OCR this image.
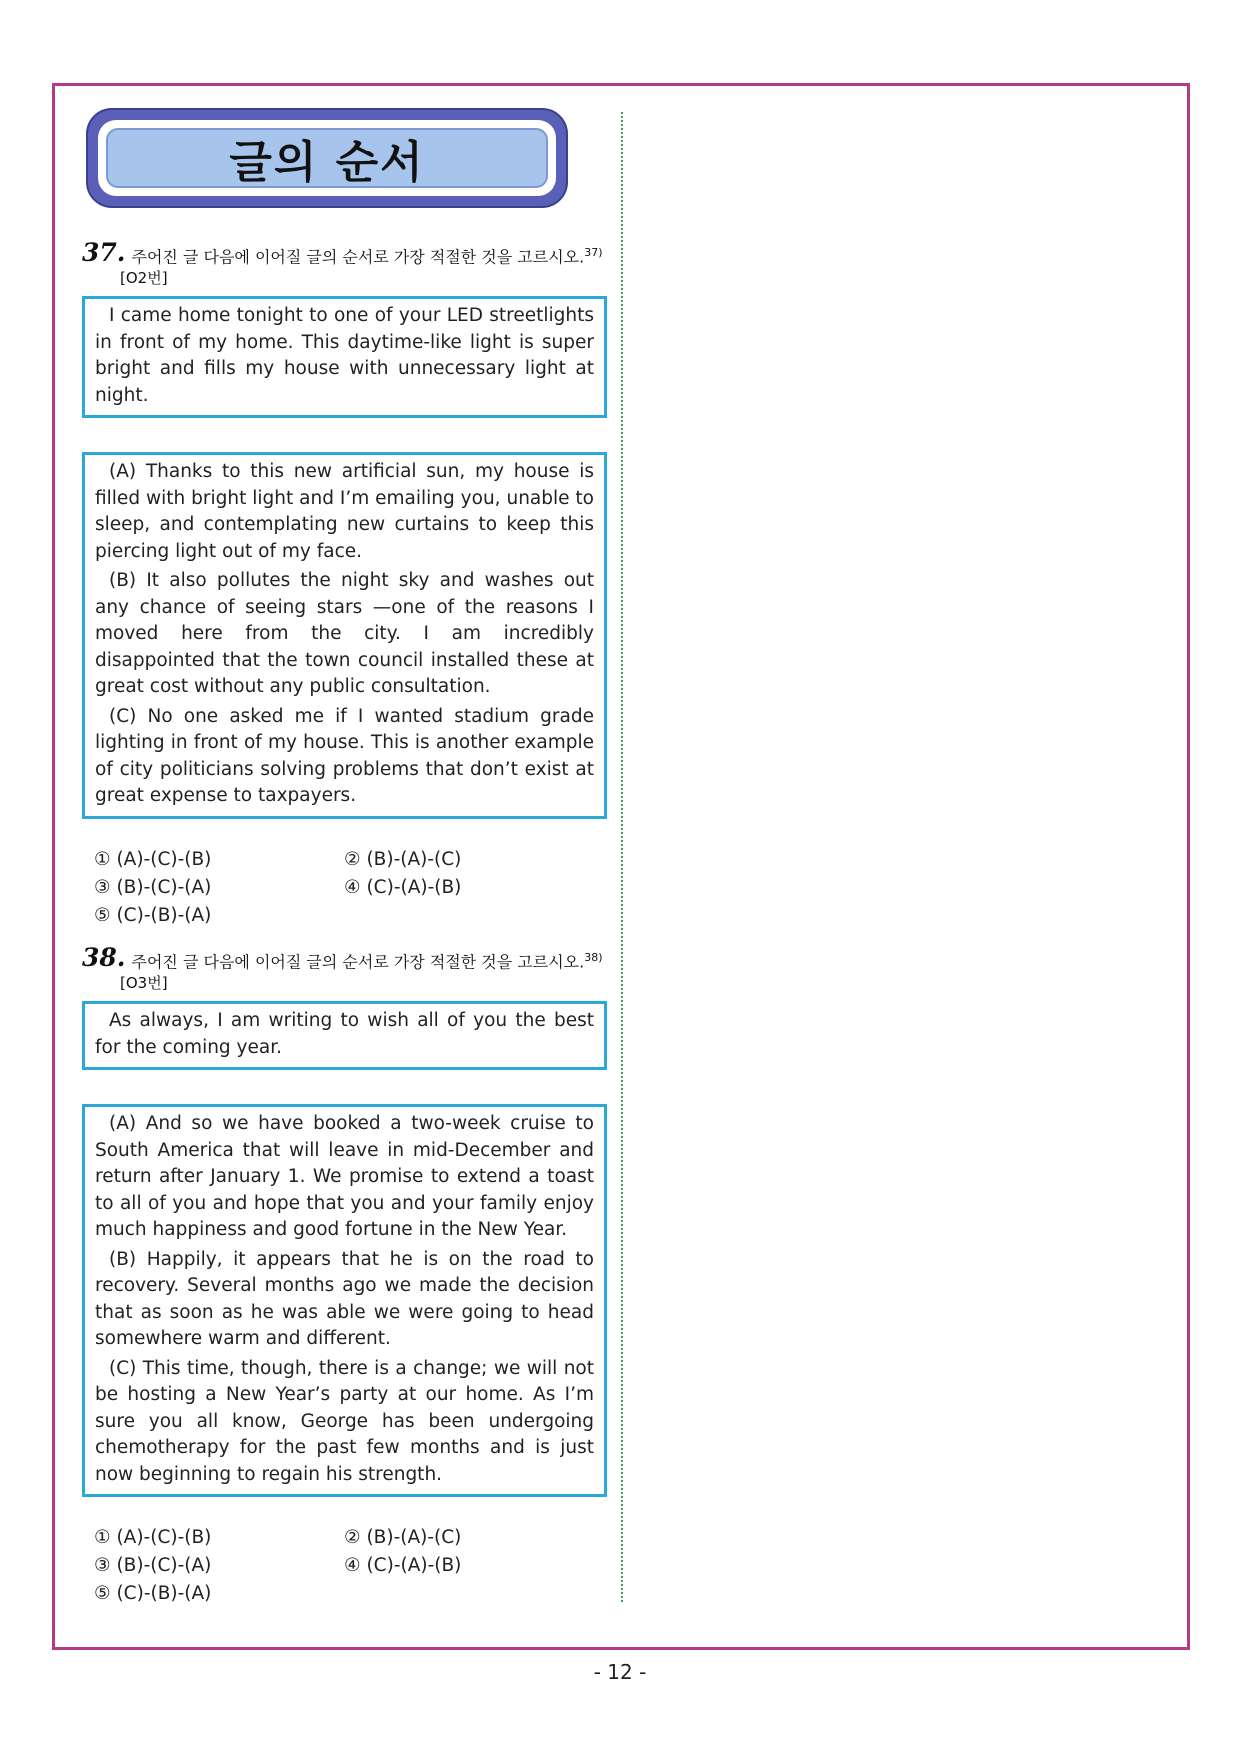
글의 순서
37. 주어진 글 다음에 이어질 글의 순서로 가장 적절한 것을 고르시오.$^{37)}$
[O2번]

I came home tonight to one of your LED streetlights in front of my home. This daytime-like light is super bright and fills my house with unnecessary light at night.

(A) Thanks to this new artificial sun, my house is filled with bright light and I’m emailing you, unable to sleep, and contemplating new curtains to keep this piercing light out of my face.

(B) It also pollutes the night sky and washes out any chance of seeing stars —one of the reasons I moved here from the city. I am incredibly disappointed that the town council installed these at great cost without any public consultation.

(C) No one asked me if I wanted stadium grade lighting in front of my house. This is another example of city politicians solving problems that don’t exist at great expense to taxpayers.

① (A)-(C)-(B)	② (B)-(A)-(C)
③ (B)-(C)-(A)	④ (C)-(A)-(B)
⑤ (C)-(B)-(A)
38. 주어진 글 다음에 이어질 글의 순서로 가장 적절한 것을 고르시오.$^{38)}$
[O3번]

As always, I am writing to wish all of you the best for the coming year.

(A) And so we have booked a two-week cruise to South America that will leave in mid-December and return after January 1. We promise to extend a toast to all of you and hope that you and your family enjoy much happiness and good fortune in the New Year.

(B) Happily, it appears that he is on the road to recovery. Several months ago we made the decision that as soon as he was able we were going to head somewhere warm and different.

(C) This time, though, there is a change; we will not be hosting a New Year’s party at our home. As I’m sure you all know, George has been undergoing chemotherapy for the past few months and is just now beginning to regain his strength.

① (A)-(C)-(B)	② (B)-(A)-(C)
③ (B)-(C)-(A)	④ (C)-(A)-(B)
⑤ (C)-(B)-(A)
- 12 -
